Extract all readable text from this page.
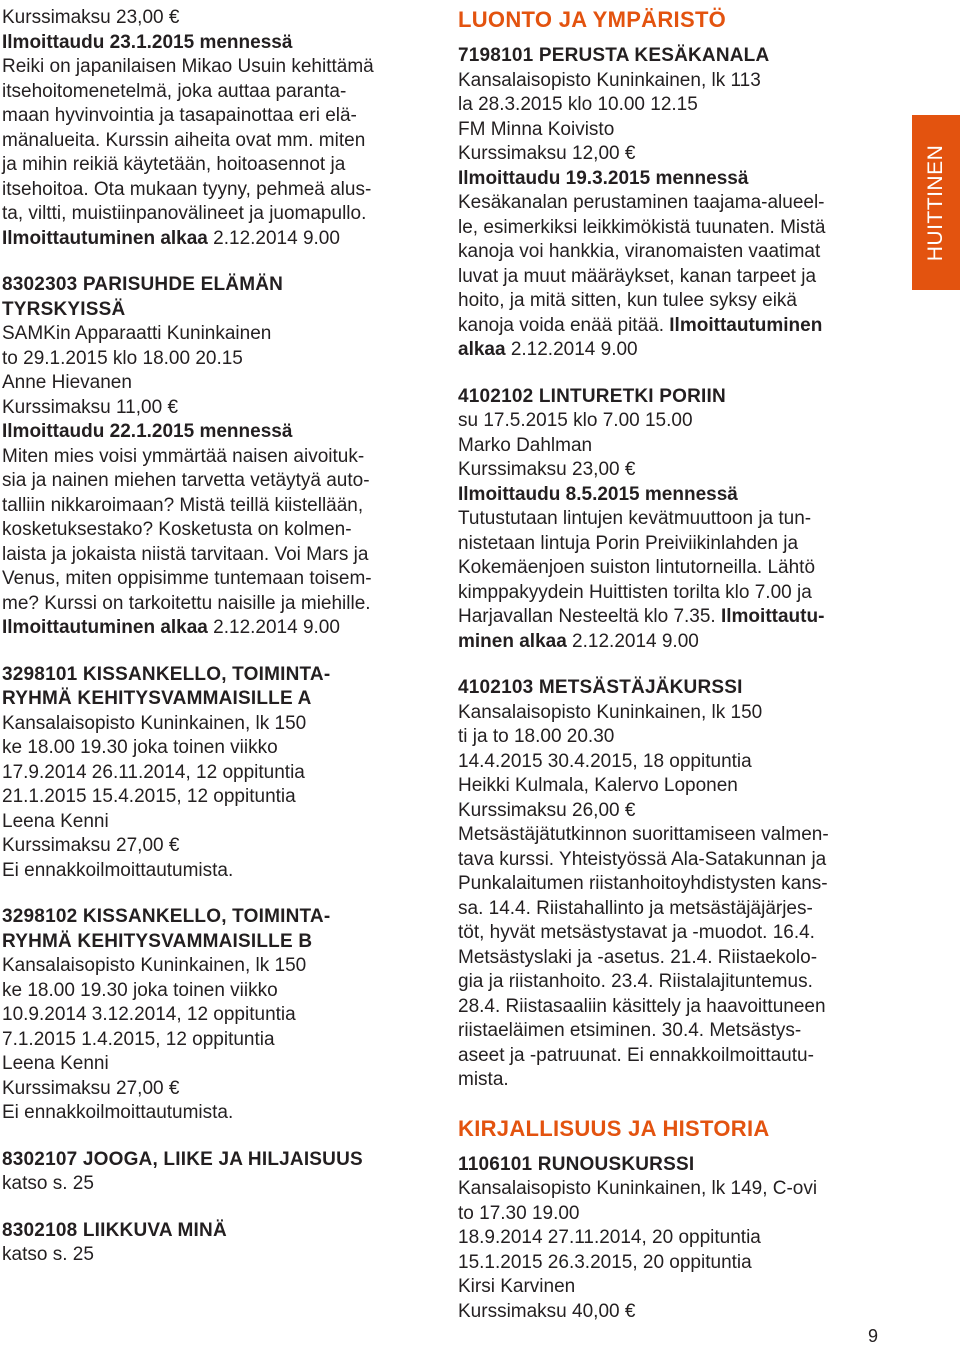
HUITTINEN

Kurssimaksu 23,00 €

Ilmoittaudu 23.1.2015 mennessä

Reiki on japanilaisen Mikao Usuin kehittämä

itsehoitomenetelmä, joka auttaa paranta-

maan hyvinvointia ja tasapainottaa eri elä-

mänalueita. Kurssin aiheita ovat mm. miten

ja mihin reikiä käytetään, hoitoasennot ja

itsehoitoa. Ota mukaan tyyny, pehmeä alus-

ta, viltti, muistiinpanovälineet ja juomapullo.

Ilmoittautuminen alkaa 2.12.2014 9.00

8302303 PARISUHDE ELÄMÄN

TYRSKYISSÄ

SAMKin Apparaatti Kuninkainen

to 29.1.2015 klo 18.00 20.15

Anne Hievanen

Kurssimaksu 11,00 €

Ilmoittaudu 22.1.2015 mennessä

Miten mies voisi ymmärtää naisen aivoituk-

sia ja nainen miehen tarvetta vetäytyä auto-

talliin nikkaroimaan? Mistä teillä kiistellään,

kosketuksestako? Kosketusta on kolmen-

laista ja jokaista niistä tarvitaan. Voi Mars ja

Venus, miten oppisimme tuntemaan toisem-

me? Kurssi on tarkoitettu naisille ja miehille.

Ilmoittautuminen alkaa 2.12.2014 9.00

3298101 KISSANKELLO, TOIMINTA-

RYHMÄ KEHITYSVAMMAISILLE A

Kansalaisopisto Kuninkainen, lk 150

ke 18.00 19.30 joka toinen viikko

17.9.2014 26.11.2014, 12 oppituntia

21.1.2015 15.4.2015, 12 oppituntia

Leena Kenni

Kurssimaksu 27,00 €

Ei ennakkoilmoittautumista.

3298102 KISSANKELLO, TOIMINTA-

RYHMÄ KEHITYSVAMMAISILLE B

Kansalaisopisto Kuninkainen, lk 150

ke 18.00 19.30 joka toinen viikko

10.9.2014 3.12.2014, 12 oppituntia

7.1.2015 1.4.2015, 12 oppituntia

Leena Kenni

Kurssimaksu 27,00 €

Ei ennakkoilmoittautumista.

8302107 JOOGA, LIIKE JA HILJAISUUS

katso s. 25

8302108 LIIKKUVA MINÄ

katso s. 25

LUONTO JA YMPÄRISTÖ

7198101 PERUSTA KESÄKANALA

Kansalaisopisto Kuninkainen, lk 113

la 28.3.2015 klo 10.00 12.15

FM Minna Koivisto

Kurssimaksu 12,00 €

Ilmoittaudu 19.3.2015 mennessä

Kesäkanalan perustaminen taajama-alueel-

le, esimerkiksi leikkimökistä tuunaten. Mistä

kanoja voi hankkia, viranomaisten vaatimat

luvat ja muut määräykset, kanan tarpeet ja

hoito, ja mitä sitten, kun tulee syksy eikä

kanoja voida enää pitää. Ilmoittautuminen

alkaa 2.12.2014 9.00

4102102 LINTURETKI PORIIN

su 17.5.2015 klo 7.00 15.00

Marko Dahlman

Kurssimaksu 23,00 €

Ilmoittaudu 8.5.2015 mennessä

Tutustutaan lintujen kevätmuuttoon ja tun-

nistetaan lintuja Porin Preiviikinlahden ja

Kokemäenjoen suiston lintutorneilla. Lähtö

kimppakyydein Huittisten torilta klo 7.00 ja

Harjavallan Nesteeltä klo 7.35. Ilmoittautu-

minen alkaa 2.12.2014 9.00

4102103 METSÄSTÄJÄKURSSI

Kansalaisopisto Kuninkainen, lk 150

ti ja to 18.00 20.30

14.4.2015 30.4.2015, 18 oppituntia

Heikki Kulmala, Kalervo Loponen

Kurssimaksu 26,00 €

Metsästäjätutkinnon suorittamiseen valmen-

tava kurssi. Yhteistyössä Ala-Satakunnan ja

Punkalaitumen riistanhoitoyhdistysten kans-

sa. 14.4. Riistahallinto ja metsästäjäjärjes-

töt, hyvät metsästystavat ja -muodot. 16.4.

Metsästyslaki ja -asetus. 21.4. Riistaekolo-

gia ja riistanhoito. 23.4. Riistalajituntemus.

28.4. Riistasaaliin käsittely ja haavoittuneen

riistaeläimen etsiminen. 30.4. Metsästys-

aseet ja -patruunat. Ei ennakkoilmoittautu-

mista.

KIRJALLISUUS JA HISTORIA

1106101 RUNOUSKURSSI

Kansalaisopisto Kuninkainen, lk 149, C-ovi

to 17.30 19.00

18.9.2014 27.11.2014, 20 oppituntia

15.1.2015 26.3.2015, 20 oppituntia

Kirsi Karvinen

Kurssimaksu 40,00 €

9
